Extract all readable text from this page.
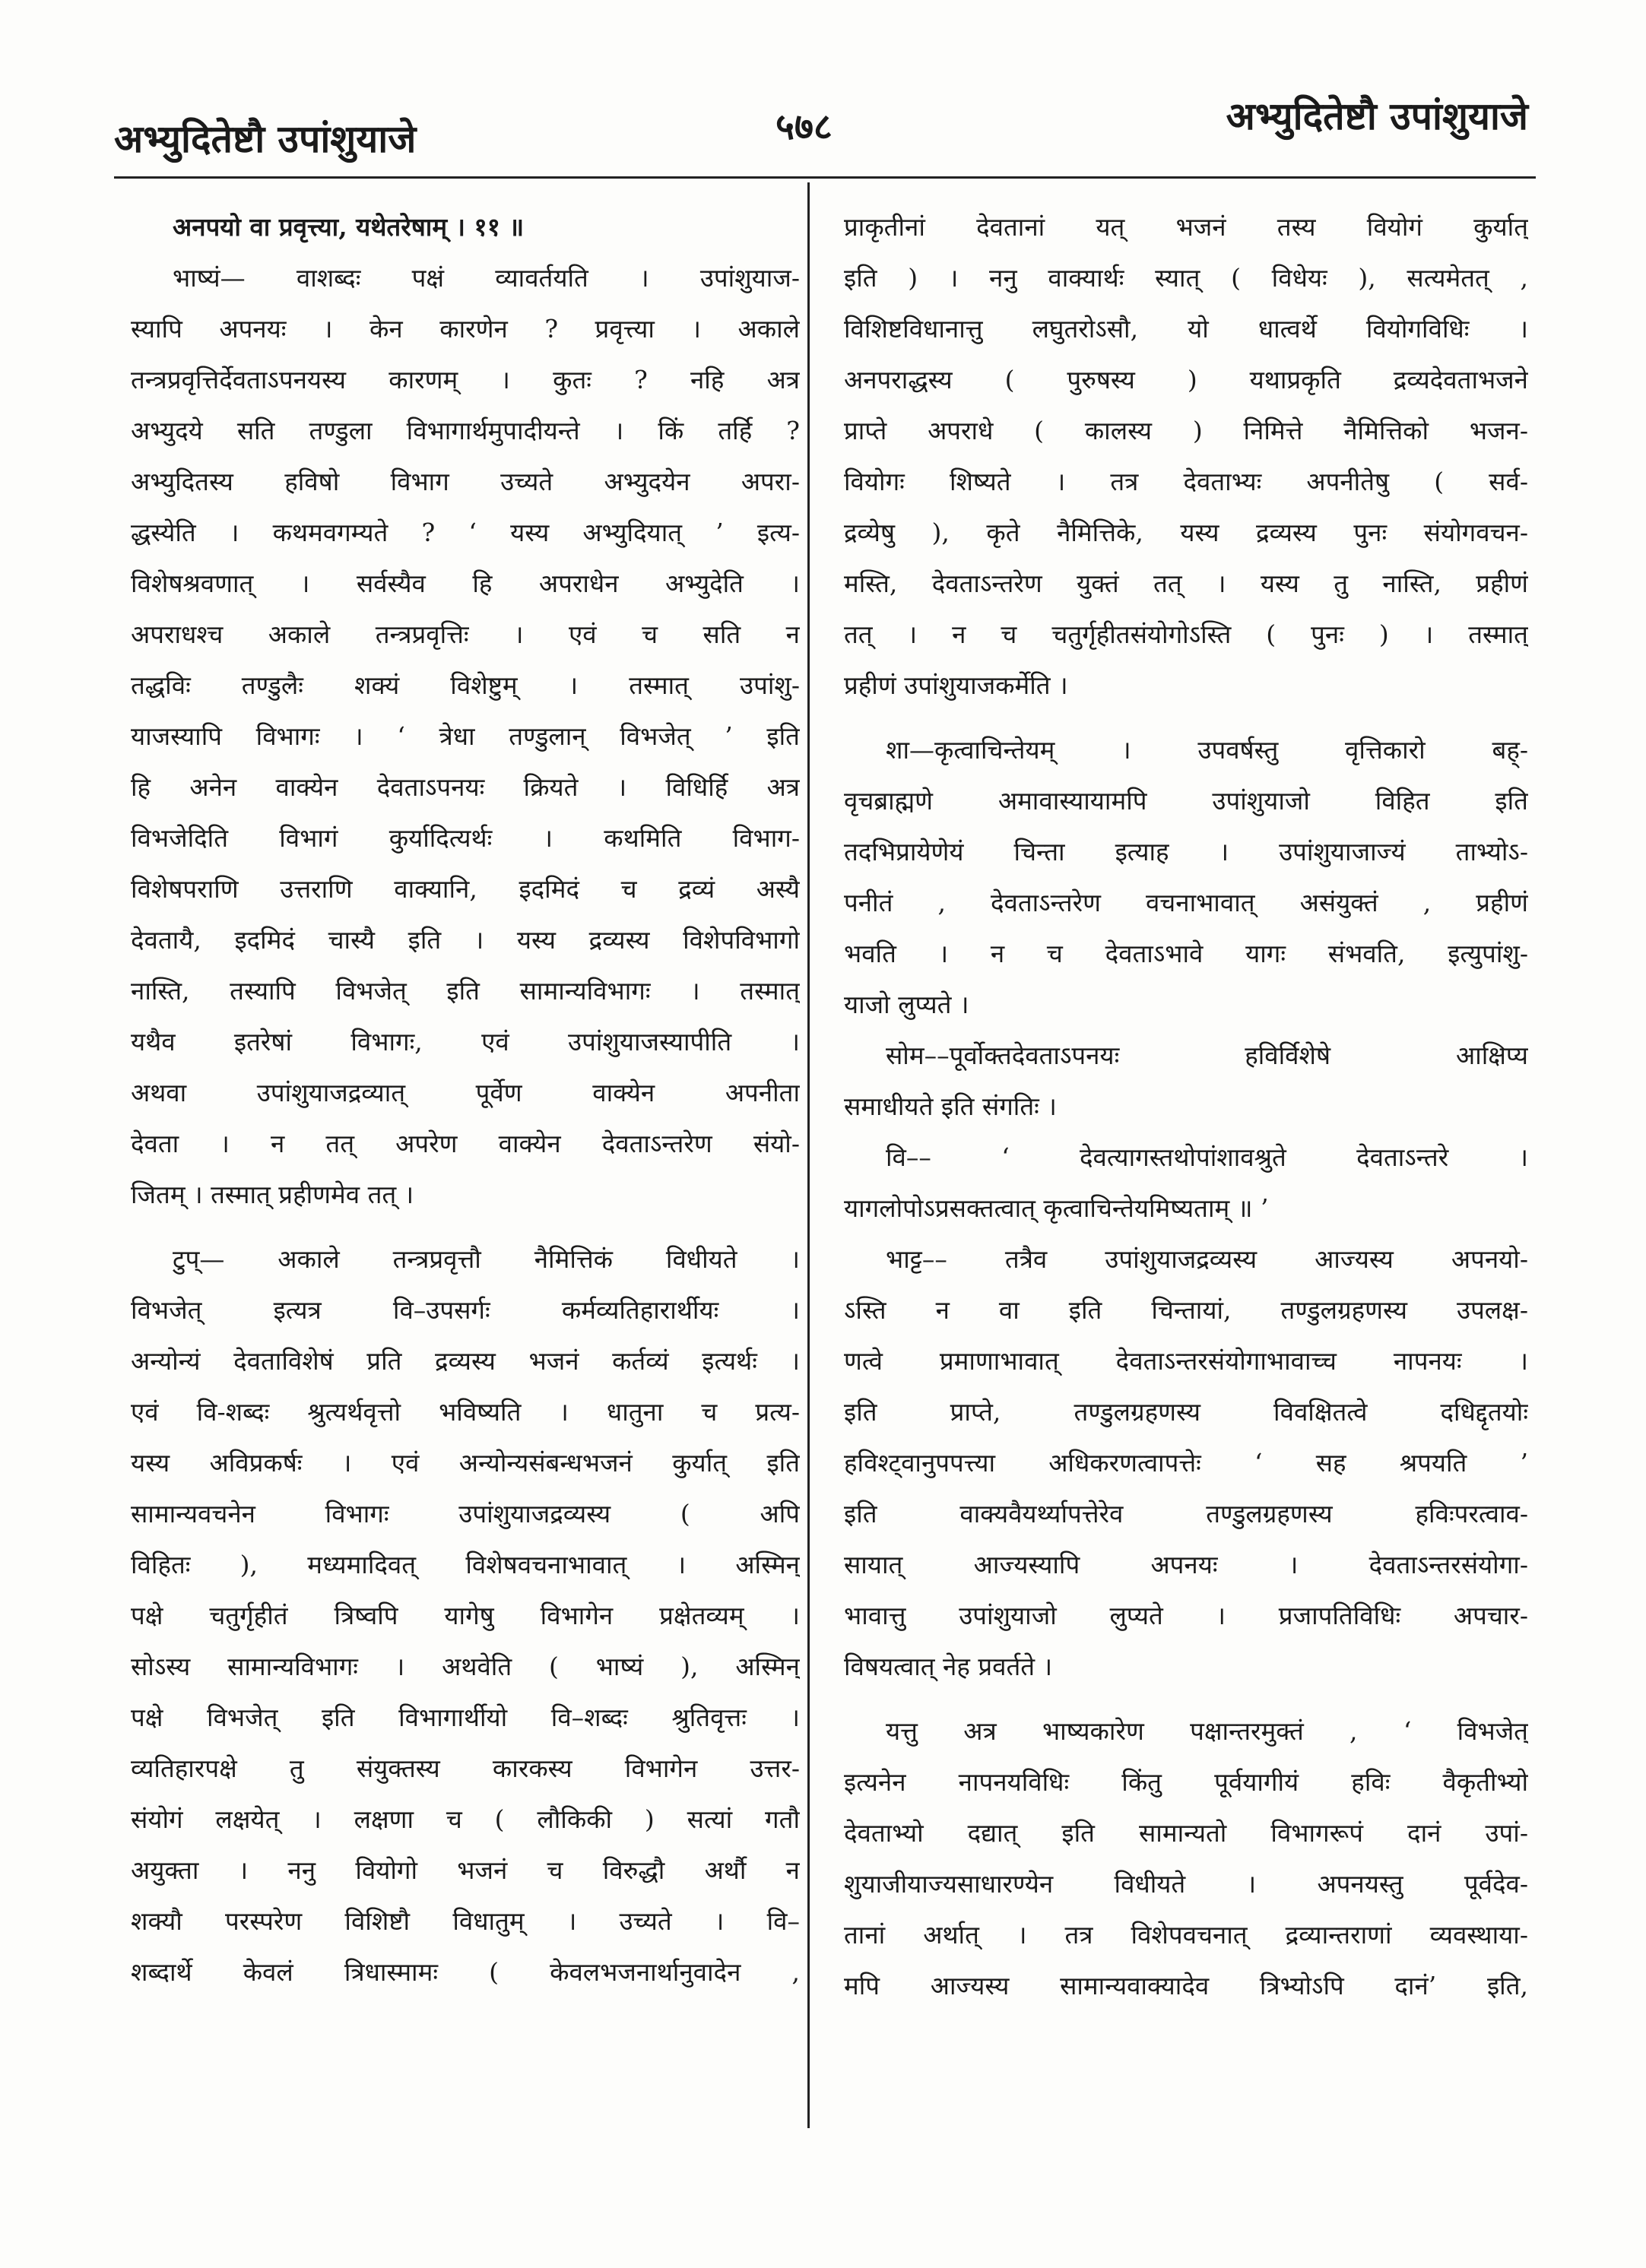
अभ्युदितेष्टौ उपांशुयाजे	५७८	अभ्युदितेष्टौ उपांशुयाजे
अनपयो वा प्रवृत्त्या, यथेतरेषाम् । ११ ॥
भाष्यं— वाशब्दः पक्षं व्यावर्तयति । उपांशुयाज-
स्यापि अपनयः । केन कारणेन ? प्रवृत्त्या । अकाले
तन्त्रप्रवृत्तिर्देवताऽपनयस्य कारणम् । कुतः ? नहि अत्र
अभ्युदये सति तण्डुला विभागार्थमुपादीयन्ते । किं तर्हि ?
अभ्युदितस्य हविषो विभाग उच्यते अभ्युदयेन अपरा-
द्धस्येति । कथमवगम्यते ? ‘ यस्य अभ्युदियात् ’ इत्य-
विशेषश्रवणात् । सर्वस्यैव हि अपराधेन अभ्युदेति ।
अपराधश्च अकाले तन्त्रप्रवृत्तिः । एवं च सति न
तद्धविः तण्डुलैः शक्यं विशेष्टुम् । तस्मात् उपांशु-
याजस्यापि विभागः । ‘ त्रेधा तण्डुलान् विभजेत् ’ इति
हि अनेन वाक्येन देवताऽपनयः क्रियते । विधिर्हि अत्र
विभजेदिति विभागं कुर्यादित्यर्थः । कथमिति विभाग-
विशेषपराणि उत्तराणि वाक्यानि, इदमिदं च द्रव्यं अस्यै
देवतायै, इदमिदं चास्यै इति । यस्य द्रव्यस्य विशेपविभागो
नास्ति, तस्यापि विभजेत् इति सामान्यविभागः । तस्मात्
यथैव इतरेषां विभागः, एवं उपांशुयाजस्यापीति ।
अथवा उपांशुयाजद्रव्यात् पूर्वेण वाक्येन अपनीता
देवता । न तत् अपरेण वाक्येन देवताऽन्तरेण संयो-
जितम् । तस्मात् प्रहीणमेव तत् ।
टुप्— अकाले तन्त्रप्रवृत्तौ नैमित्तिकं विधीयते ।
विभजेत् इत्यत्र वि–उपसर्गः कर्मव्यतिहारार्थीयः ।
अन्योन्यं देवताविशेषं प्रति द्रव्यस्य भजनं कर्तव्यं इत्यर्थः ।
एवं वि-शब्दः श्रुत्यर्थवृत्तो भविष्यति । धातुना च प्रत्य-
यस्य अविप्रकर्षः । एवं अन्योन्यसंबन्धभजनं कुर्यात् इति
सामान्यवचनेन विभागः उपांशुयाजद्रव्यस्य ( अपि
विहितः ), मध्यमादिवत् विशेषवचनाभावात् । अस्मिन्
पक्षे चतुर्गृहीतं त्रिष्वपि यागेषु विभागेन प्रक्षेतव्यम् ।
सोऽस्य सामान्यविभागः । अथवेति ( भाष्यं ), अस्मिन्
पक्षे विभजेत् इति विभागार्थीयो वि–शब्दः श्रुतिवृत्तः ।
व्यतिहारपक्षे तु संयुक्तस्य कारकस्य विभागेन उत्तर-
संयोगं लक्षयेत् । लक्षणा च ( लौकिकी ) सत्यां गतौ
अयुक्ता । ननु वियोगो भजनं च विरुद्धौ अर्थौ न
शक्यौ परस्परेण विशिष्टौ विधातुम् । उच्यते । वि–
शब्दार्थे केवलं त्रिधास्मामः ( केवलभजनार्थानुवादेन ,
प्राकृतीनां देवतानां यत् भजनं तस्य वियोगं कुर्यात्
इति ) । ननु वाक्यार्थः स्यात् ( विधेयः ), सत्यमेतत् ,
विशिष्टविधानात्तु लघुतरोऽसौ, यो धात्वर्थे वियोगविधिः ।
अनपराद्धस्य ( पुरुषस्य ) यथाप्रकृति द्रव्यदेवताभजने
प्राप्ते अपराधे ( कालस्य ) निमित्ते नैमित्तिको भजन-
वियोगः शिष्यते । तत्र देवताभ्यः अपनीतेषु ( सर्व-
द्रव्येषु ), कृते नैमित्तिके, यस्य द्रव्यस्य पुनः संयोगवचन-
मस्ति, देवताऽन्तरेण युक्तं तत् । यस्य तु नास्ति, प्रहीणं
तत् । न च चतुर्गृहीतसंयोगोऽस्ति ( पुनः ) । तस्मात्
प्रहीणं उपांशुयाजकर्मेति ।
शा—कृत्वाचिन्तेयम् । उपवर्षस्तु वृत्तिकारो बह्-
वृचब्राह्मणे अमावास्यायामपि उपांशुयाजो विहित इति
तदभिप्रायेणेयं चिन्ता इत्याह । उपांशुयाजाज्यं ताभ्योऽ-
पनीतं , देवताऽन्तरेण वचनाभावात् असंयुक्तं , प्रहीणं
भवति । न च देवताऽभावे यागः संभवति, इत्युपांशु-
याजो लुप्यते ।
सोम––पूर्वोक्तदेवताऽपनयः हविर्विशेषे आक्षिप्य
समाधीयते इति संगतिः ।
वि–– ‘ देवत्यागस्तथोपांशावश्रुते देवताऽन्तरे ।
यागलोपोऽप्रसक्तत्वात् कृत्वाचिन्तेयमिष्यताम् ॥ ’
भाट्ट–– तत्रैव उपांशुयाजद्रव्यस्य आज्यस्य अपनयो-
ऽस्ति न वा इति चिन्तायां, तण्डुलग्रहणस्य उपलक्ष-
णत्वे प्रमाणाभावात् देवताऽन्तरसंयोगाभावाच्च नापनयः ।
इति प्राप्ते, तण्डुलग्रहणस्य विवक्षितत्वे दधिद्दृतयोः
हविश्ट्वानुपपत्त्या अधिकरणत्वापत्तेः ‘ सह श्रपयति ’
इति वाक्यवैयर्थ्यापत्तेरेव तण्डुलग्रहणस्य हविःपरत्वाव-
सायात् आज्यस्यापि अपनयः । देवताऽन्तरसंयोगा-
भावात्तु उपांशुयाजो लुप्यते । प्रजापतिविधिः अपचार-
विषयत्वात् नेह प्रवर्तते ।
यत्तु अत्र भाष्यकारेण पक्षान्तरमुक्तं , ‘ विभजेत्
इत्यनेन नापनयविधिः किंतु पूर्वयागीयं हविः वैकृतीभ्यो
देवताभ्यो दद्यात् इति सामान्यतो विभागरूपं दानं उपां-
शुयाजीयाज्यसाधारण्येन विधीयते । अपनयस्तु पूर्वदेव-
तानां अर्थात् । तत्र विशेपवचनात् द्रव्यान्तराणां व्यवस्थाया-
मपि आज्यस्य सामान्यवाक्यादेव त्रिभ्योऽपि दानं’ इति,
